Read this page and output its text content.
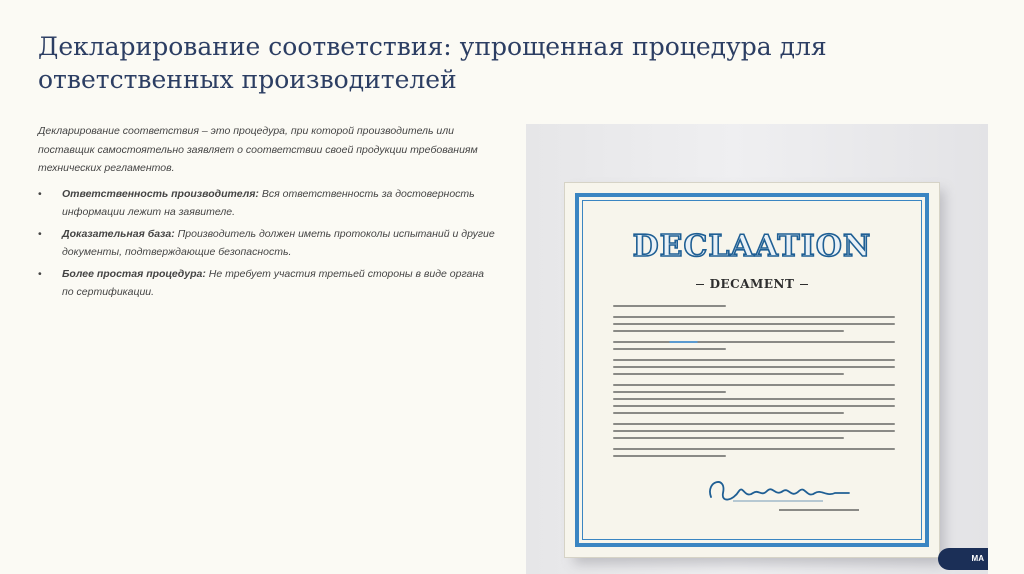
Декларирование соответствия: упрощенная процедура для ответственных производителей

Декларирование соответствия – это процедура, при которой производитель или поставщик самостоятельно заявляет о соответствии своей продукции требованиям технических регламентов.

• Ответственность производителя: Вся ответственность за достоверность информации лежит на заявителе.
• Доказательная база: Производитель должен иметь протоколы испытаний и другие документы, подтверждающие безопасность.
• Более простая процедура: Не требует участия третьей стороны в виде органа по сертификации.
DECLAATION
DECAMENT
MA
